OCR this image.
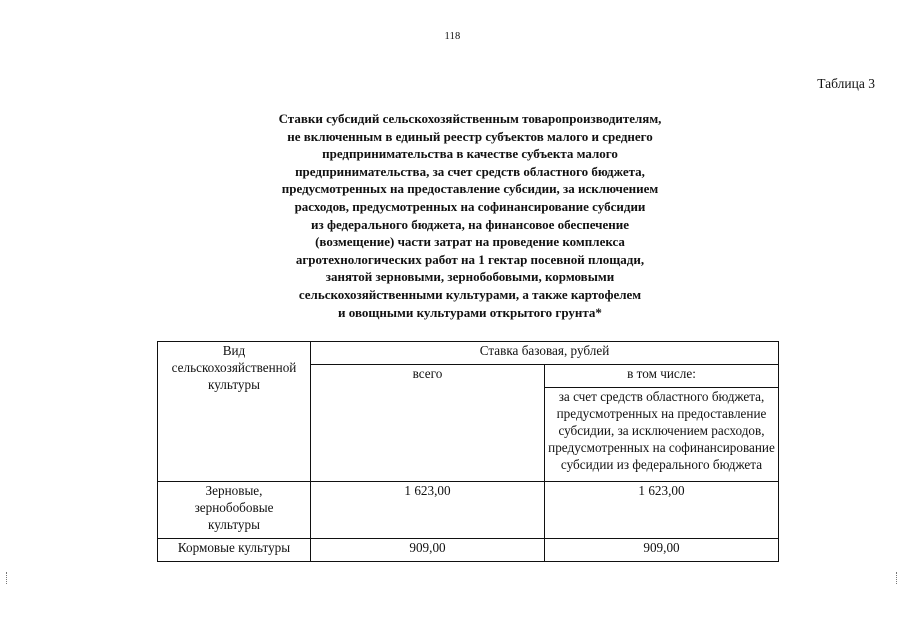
118
Таблица 3
Ставки субсидий сельскохозяйственным товаропроизводителям,
не включенным в единый реестр субъектов малого и среднего
предпринимательства в качестве субъекта малого
предпринимательства, за счет средств областного бюджета,
предусмотренных на предоставление субсидии, за исключением
расходов, предусмотренных на софинансирование субсидии
из федерального бюджета, на финансовое обеспечение
(возмещение) части затрат на проведение комплекса
агротехнологических работ на 1 гектар посевной площади,
занятой зерновыми, зернобобовыми, кормовыми
сельскохозяйственными культурами, а также картофелем
и овощными культурами открытого грунта*
Вид
сельскохозяйственной
культуры	Ставка базовая, рублей	
	всего	в том числе:

		за счет средств областного бюджета,
предусмотренных на предоставление
субсидии, за исключением расходов,
предусмотренных на софинансирование
субсидии из федерального бюджета

Зерновые,
зернобобовые
культуры	1 623,00	1 623,00

Кормовые культуры	909,00	909,00
